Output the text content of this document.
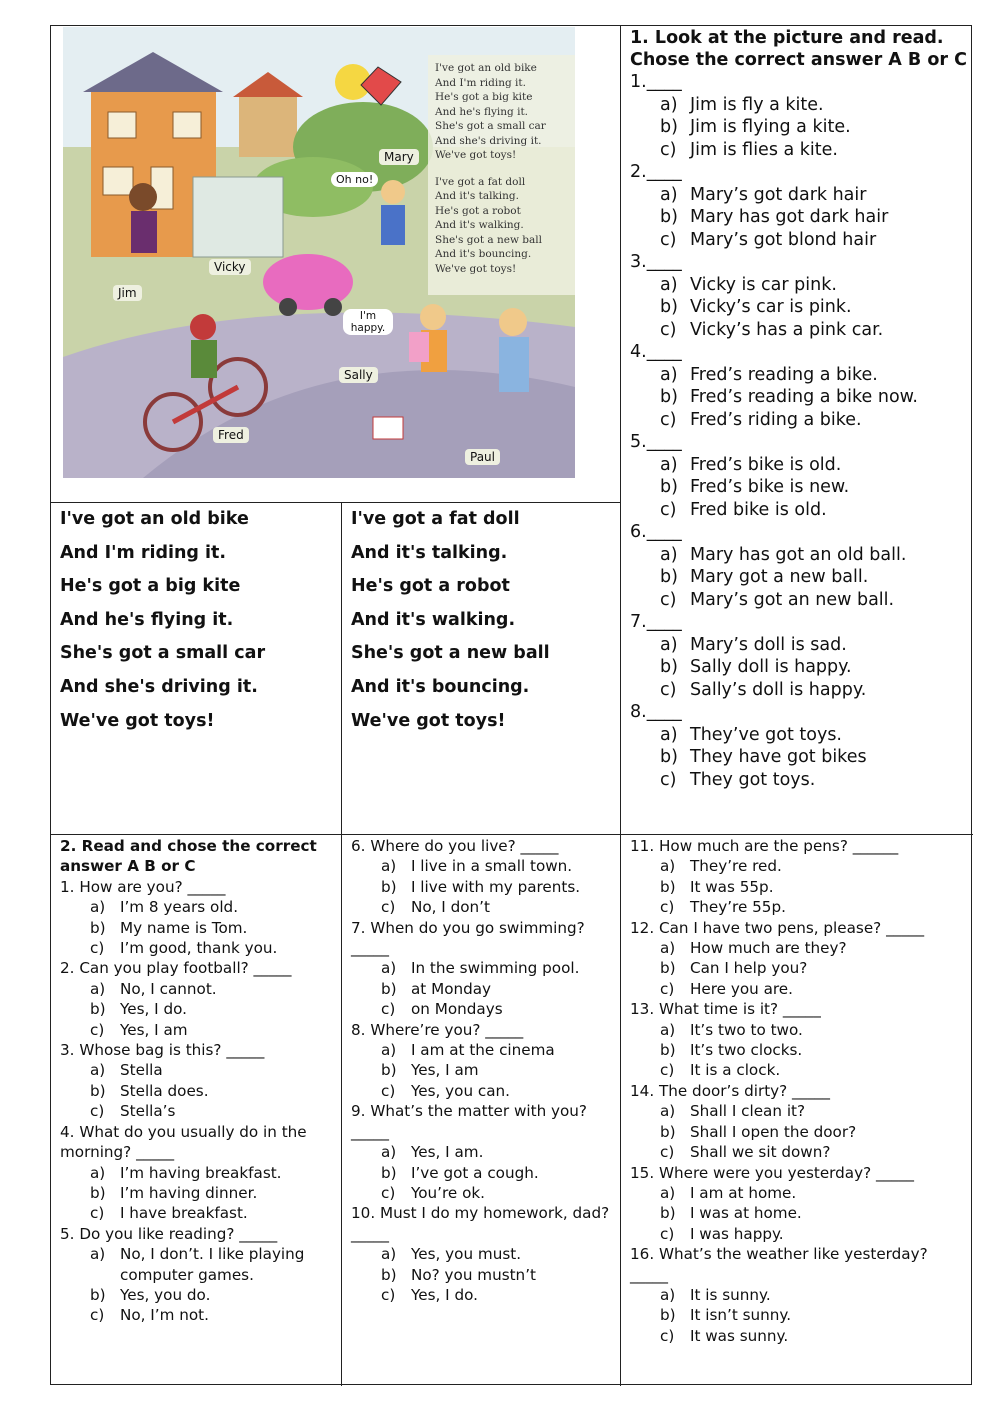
I've got an old bike
And I'm riding it.
He's got a big kite
And he's flying it.
She's got a small car
And she's driving it.
We've got toys!
I've got a fat doll
And it's talking.
He's got a robot
And it's walking.
She's got a new ball
And it's bouncing.
We've got toys!
Mary
Oh no!
Vicky
Jim
I'm happy.
Sally
Fred
Paul
I've got an old bike
And I'm riding it.
He's got a big kite
And he's flying it.
She's got a small car
And she's driving it.
We've got toys!
I've got a fat doll
And it's talking.
He's got a robot
And it's walking.
She's got a new ball
And it's bouncing.
We've got toys!

1. Look at the picture and read. Chose the correct answer A B or C

1.____
a) Jim is fly a kite.
b) Jim is flying a kite.
c) Jim is flies a kite.
2.____
a) Mary’s got dark hair
b) Mary has got dark hair
c) Mary’s got blond hair
3.____
a) Vicky is car pink.
b) Vicky’s car is pink.
c) Vicky’s has a pink car.
4.____
a) Fred’s reading a bike.
b) Fred’s reading a bike now.
c) Fred’s riding a bike.
5.____
a) Fred’s bike is old.
b) Fred’s bike is new.
c) Fred bike is old.
6.____
a) Mary has got an old ball.
b) Mary got a new ball.
c) Mary’s got an new ball.
7.____
a) Mary’s doll is sad.
b) Sally doll is happy.
c) Sally’s doll is happy.
8.____
a) They’ve got toys.
b) They have got bikes
c) They got toys.
2. Read and chose the correct answer A B or C
1. How are you? _____
a) I’m 8 years old.
b) My name is Tom.
c)	I’m good, thank you.
2. Can you play football? _____
a) No, I cannot.
b) Yes, I do.
c)	Yes, I am
3. Whose bag is this? _____
a) Stella
b) Stella does.
c)	Stella’s
4. What do you usually do in the morning? _____
a) I’m having breakfast.
b) I’m having dinner.
c)	I have breakfast.
5. Do you like reading? _____
a) No, I don’t. I like playing computer games.
b) Yes, you do.
c)	No, I’m not.
6. Where do you live? _____
a) I live in a small town.
b) I live with my parents.
c)	No, I don’t
7. When do you go swimming? _____
a) In the swimming pool.
b) at Monday
c)	on Mondays
8. Where’re you? _____
a) I am at the cinema
b) Yes, I am
c)	Yes, you can.
9. What’s the matter with you? _____
a) Yes, I am.
b) I’ve got a cough.
c)	You’re ok.
10. Must I do my homework, dad? _____
a) Yes, you must.
b) No? you mustn’t
c)	Yes, I do.
11. How much are the pens? ______
a) They’re red.
b) It was 55p.
c)	They’re 55p.
12. Can I have two pens, please? _____
a) How much are they?
b) Can I help you?
c)	Here you are.
13. What time is it? _____
a) It’s two to two.
b) It’s two clocks.
c)	It is a clock.
14. The door’s dirty? _____
a) Shall I clean it?
b) Shall I open the door?
c)	Shall we sit down?
15. Where were you yesterday? _____
a) I am at home.
b) I was at home.
c)	I was happy.
16. What’s the weather like yesterday? _____
a) It is sunny.
b) It isn’t sunny.
c)	It was sunny.
